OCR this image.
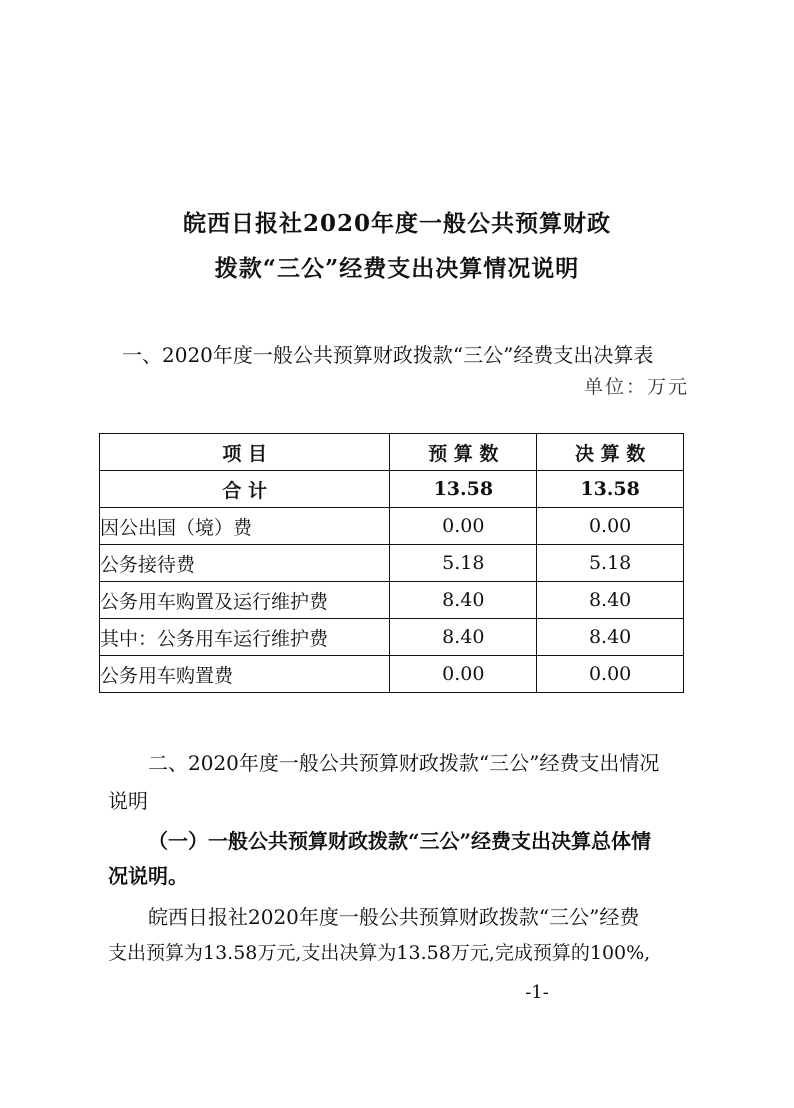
皖西日报社2020年度一般公共预算财政
拨款“三公”经费支出决算情况说明
一、2020年度一般公共预算财政拨款“三公”经费支出决算表
单位：万元
项 目	预 算 数	决 算 数
合 计	13.58	13.58
因公出国（境）费	0.00	0.00
公务接待费	5.18	5.18
公务用车购置及运行维护费	8.40	8.40
其中：公务用车运行维护费	8.40	8.40
公务用车购置费	0.00	0.00
二、2020年度一般公共预算财政拨款“三公”经费支出情况
说明
（一）一般公共预算财政拨款“三公”经费支出决算总体情
况说明。
皖西日报社2020年度一般公共预算财政拨款“三公”经费
支出预算为13.58万元,支出决算为13.58万元,完成预算的100%,
-1-
